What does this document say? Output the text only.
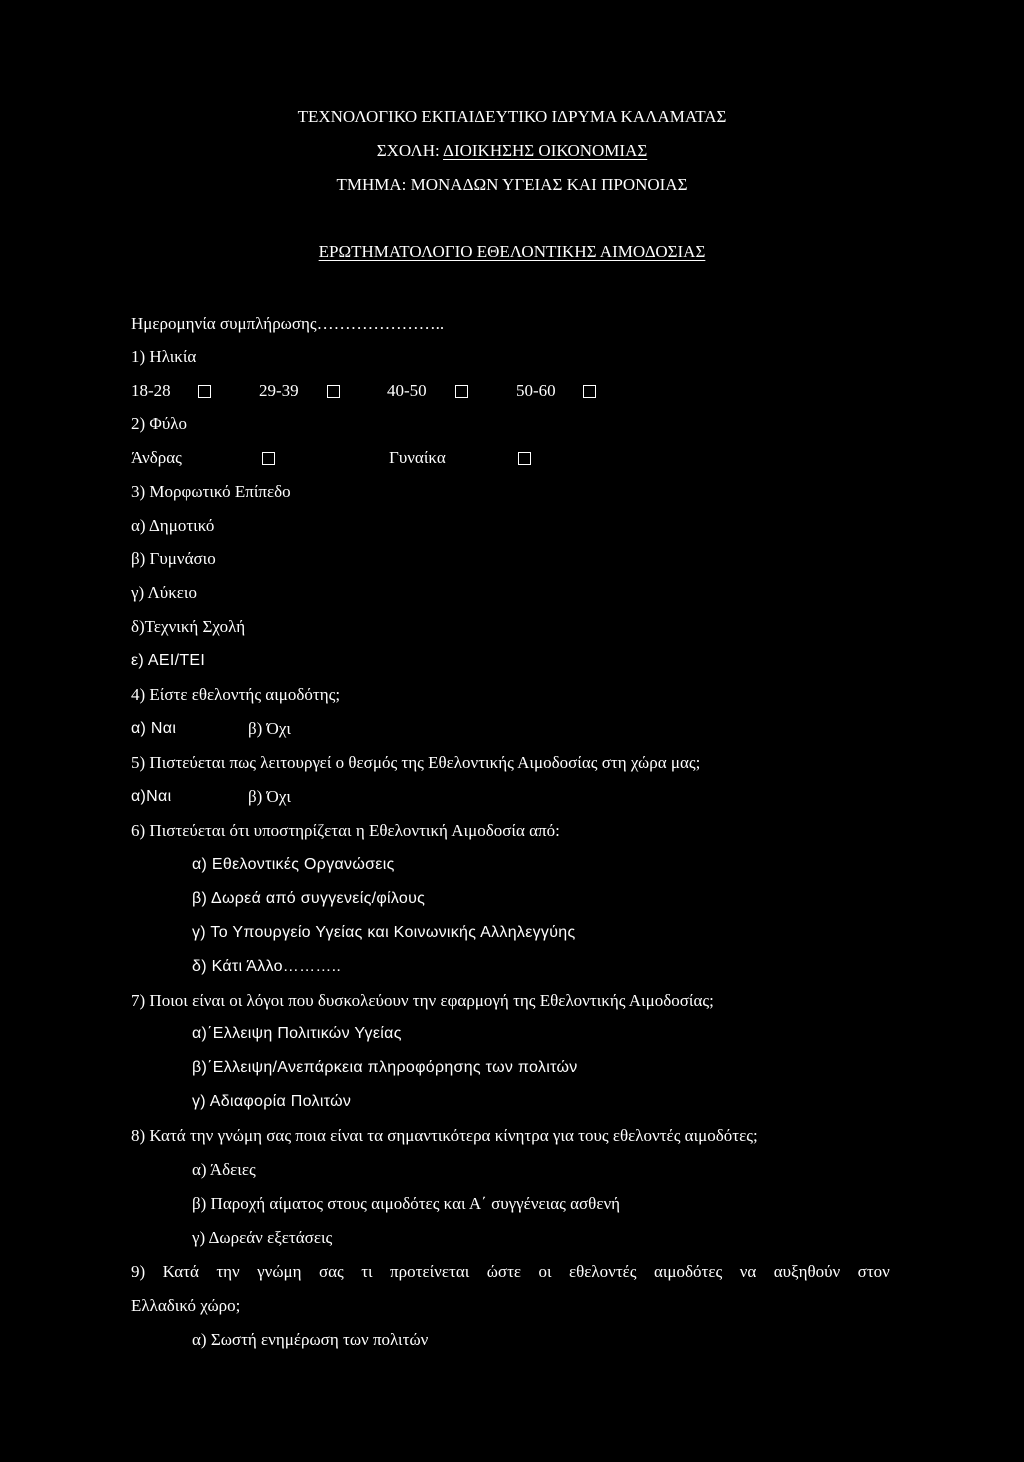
ΤΕΧΝΟΛΟΓΙΚΟ ΕΚΠΑΙΔΕΥΤΙΚΟ ΙΔΡΥΜΑ ΚΑΛΑΜΑΤΑΣ
ΣΧΟΛΗ: ΔΙΟΙΚΗΣΗΣ ΟΙΚΟΝΟΜΙΑΣ
ΤΜΗΜΑ: ΜΟΝΑΔΩΝ ΥΓΕΙΑΣ ΚΑΙ ΠΡΟΝΟΙΑΣ
ΕΡΩΤΗΜΑΤΟΛΟΓΙΟ ΕΘΕΛΟΝΤΙΚΗΣ ΑΙΜΟΔΟΣΙΑΣ
Ημερομηνία συμπλήρωσης…………………..
1) Ηλικία
18-28	29-39	40-50	50-60
2) Φύλο
Άνδρας	Γυναίκα
3) Μορφωτικό Επίπεδο
α) Δημοτικό
β) Γυμνάσιο
γ) Λύκειο
δ)Τεχνική Σχολή
ε) ΑΕΙ/ΤΕΙ
4) Είστε εθελοντής αιμοδότης;
α) Ναι	β) Όχι
5) Πιστεύεται πως λειτουργεί ο θεσμός της Εθελοντικής Αιμοδοσίας στη χώρα μας;
α)Ναι	β) Όχι
6) Πιστεύεται ότι υποστηρίζεται η Εθελοντική Αιμοδοσία από:
α) Εθελοντικές Οργανώσεις
β) Δωρεά από συγγενείς/φίλους
γ) Το Υπουργείο Υγείας και Κοινωνικής Αλληλεγγύης
δ) Κάτι Άλλο………..
7) Ποιοι είναι οι λόγοι που δυσκολεύουν την εφαρμογή της Εθελοντικής Αιμοδοσίας;
α)΄Ελλειψη Πολιτικών Υγείας
β)΄Ελλειψη/Ανεπάρκεια πληροφόρησης των πολιτών
γ) Αδιαφορία Πολιτών
8) Κατά την γνώμη σας ποια είναι τα σημαντικότερα κίνητρα για τους εθελοντές αιμοδότες;
α) Άδειες
β) Παροχή αίματος στους αιμοδότες και Α΄ συγγένειας ασθενή
γ) Δωρεάν εξετάσεις
9) Κατά την γνώμη σας τι προτείνεται ώστε οι εθελοντές αιμοδότες να αυξηθούν στον
Ελλαδικό χώρο;
α) Σωστή ενημέρωση των πολιτών
